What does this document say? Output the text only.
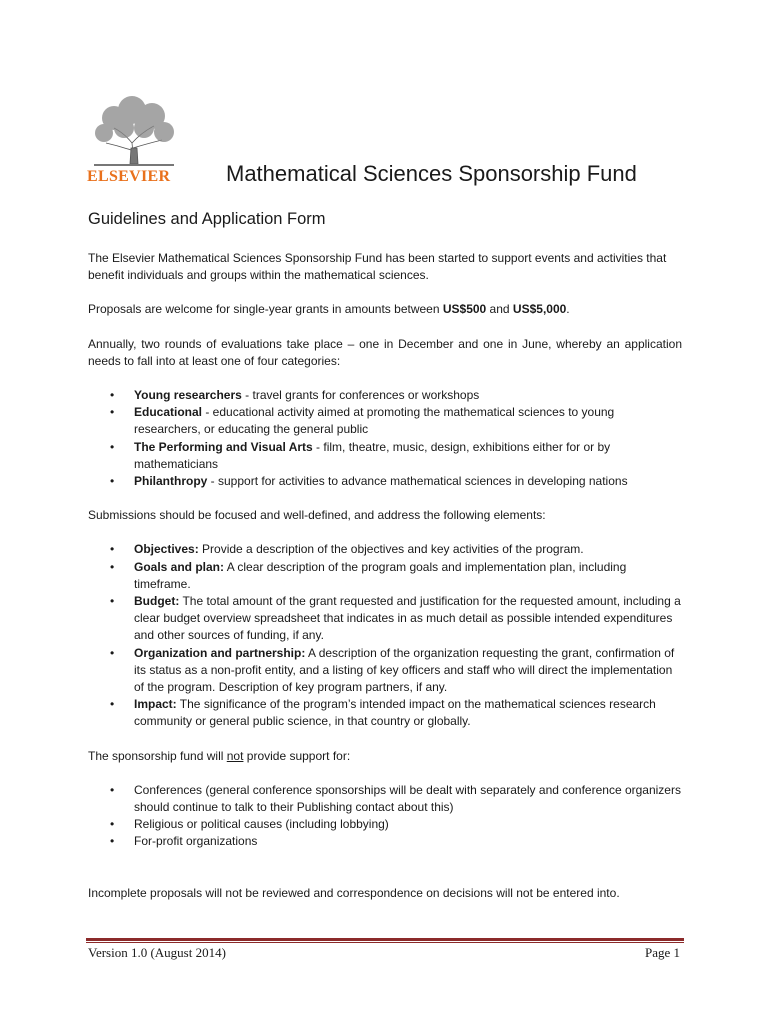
ELSEVIER	Mathematical Sciences Sponsorship Fund
Guidelines and Application Form

The Elsevier Mathematical Sciences Sponsorship Fund has been started to support events and activities that benefit individuals and groups within the mathematical sciences.

Proposals are welcome for single-year grants in amounts between US$500 and US$5,000.

Annually, two rounds of evaluations take place – one in December and one in June, whereby an application needs to fall into at least one of four categories:

• Young researchers - travel grants for conferences or workshops
• Educational - educational activity aimed at promoting the mathematical sciences to young researchers, or educating the general public
• The Performing and Visual Arts - film, theatre, music, design, exhibitions either for or by mathematicians
• Philanthropy - support for activities to advance mathematical sciences in developing nations

Submissions should be focused and well-defined, and address the following elements:

• Objectives: Provide a description of the objectives and key activities of the program.
• Goals and plan: A clear description of the program goals and implementation plan, including timeframe.
• Budget: The total amount of the grant requested and justification for the requested amount, including a clear budget overview spreadsheet that indicates in as much detail as possible intended expenditures and other sources of funding, if any.
• Organization and partnership: A description of the organization requesting the grant, confirmation of its status as a non-profit entity, and a listing of key officers and staff who will direct the implementation of the program. Description of key program partners, if any.
• Impact: The significance of the program’s intended impact on the mathematical sciences research community or general public science, in that country or globally.

The sponsorship fund will not provide support for:

• Conferences (general conference sponsorships will be dealt with separately and conference organizers should continue to talk to their Publishing contact about this)
• Religious or political causes (including lobbying)
• For-profit organizations

Incomplete proposals will not be reviewed and correspondence on decisions will not be entered into.

Version 1.0 (August 2014)	Page 1
